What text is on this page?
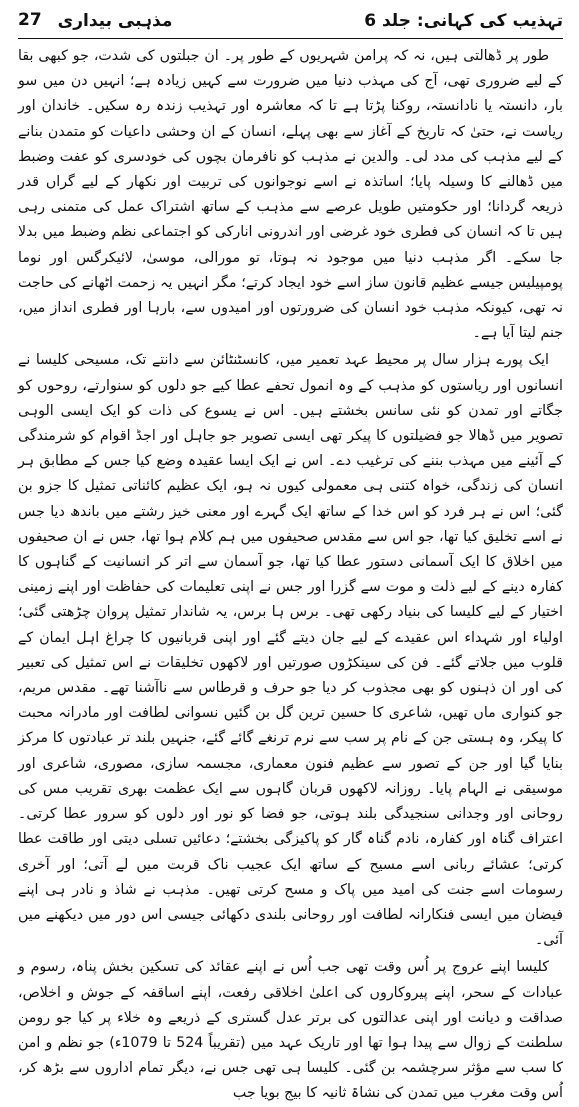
27 مذہبی بیداری	تہذیب کی کہانی: جلد 6

طور پر ڈھالتی ہیں، نہ کہ پرامن شہریوں کے طور پر۔ ان جبلتوں کی شدت، جو کبھی بقا کے لیے ضروری تھی، آج کی مہذب دنیا میں ضرورت سے کہیں زیادہ ہے؛ انہیں دن میں سو بار، دانستہ یا نادانستہ، روکنا پڑتا ہے تا کہ معاشرہ اور تہذیب زندہ رہ سکیں۔ خاندان اور ریاست نے، حتیٰ کہ تاریخ کے آغاز سے بھی پہلے، انسان کے ان وحشی داعیات کو متمدن بنانے کے لیے مذہب کی مدد لی۔ والدین نے مذہب کو نافرمان بچوں کی خودسری کو عفت وضبط میں ڈھالنے کا وسیلہ پایا؛ اساتذہ نے اسے نوجوانوں کی تربیت اور نکھار کے لیے گراں قدر ذریعہ گردانا؛ اور حکومتیں طویل عرصے سے مذہب کے ساتھ اشتراک عمل کی متمنی رہی ہیں تا کہ انسان کی فطری خود غرضی اور اندرونی انارکی کو اجتماعی نظم وضبط میں بدلا جا سکے۔ اگر مذہب دنیا میں موجود نہ ہوتا، تو مورالی، موسیٰ، لائیکرگس اور نوما پومپیلیس جیسے عظیم قانون ساز اسے خود ایجاد کرتے؛ مگر انہیں یہ زحمت اٹھانے کی حاجت نہ تھی، کیونکہ مذہب خود انسان کی ضرورتوں اور امیدوں سے، بارہا اور فطری انداز میں، جنم لیتا آیا ہے۔

ایک پورے ہزار سال پر محیط عہد تعمیر میں، کانسٹنٹائن سے دانتے تک، مسیحی کلیسا نے انسانوں اور ریاستوں کو مذہب کے وہ انمول تحفے عطا کیے جو دلوں کو سنوارتے، روحوں کو جگاتے اور تمدن کو نئی سانس بخشتے ہیں۔ اس نے یسوع کی ذات کو ایک ایسی الوہی تصویر میں ڈھالا جو فضیلتوں کا پیکر تھی ایسی تصویر جو جاہل اور اجڈ اقوام کو شرمندگی کے آئینے میں مہذب بننے کی ترغیب دے۔ اس نے ایک ایسا عقیدہ وضع کیا جس کے مطابق ہر انسان کی زندگی، خواہ کتنی ہی معمولی کیوں نہ ہو، ایک عظیم کائناتی تمثیل کا جزو بن گئی؛ اس نے ہر فرد کو اس خدا کے ساتھ ایک گہرے اور معنی خیز رشتے میں باندھ دیا جس نے اسے تخلیق کیا تھا، جو اس سے مقدس صحیفوں میں ہم کلام ہوا تھا، جس نے ان صحیفوں میں اخلاق کا ایک آسمانی دستور عطا کیا تھا، جو آسمان سے اتر کر انسانیت کے گناہوں کا کفارہ دینے کے لیے ذلت و موت سے گزرا اور جس نے اپنی تعلیمات کی حفاظت اور اپنے زمینی اختیار کے لیے کلیسا کی بنیاد رکھی تھی۔ برس ہا برس، یہ شاندار تمثیل پروان چڑھتی گئی؛ اولیاء اور شہداء اس عقیدے کے لیے جان دیتے گئے اور اپنی قربانیوں کا چراغ اہل ایمان کے قلوب میں جلاتے گئے۔ فن کی سینکڑوں صورتیں اور لاکھوں تخلیقات نے اس تمثیل کی تعبیر کی اور ان ذہنوں کو بھی مجذوب کر دیا جو حرف و قرطاس سے ناآشنا تھے۔ مقدس مریم، جو کنواری ماں تھیں، شاعری کا حسین ترین گل بن گئیں نسوانی لطافت اور مادرانہ محبت کا پیکر، وہ ہستی جن کے نام پر سب سے نرم ترنغے گائے گئے، جنہیں بلند تر عبادتوں کا مرکز بنایا گیا اور جن کے تصور سے عظیم فنون معماری، مجسمہ سازی، مصوری، شاعری اور موسیقی نے الہام پایا۔ روزانہ لاکھوں قربان گاہوں سے ایک عظمت بھری تقریب مس کی روحانی اور وجدانی سنجیدگی بلند ہوتی، جو فضا کو نور اور دلوں کو سرور عطا کرتی۔ اعتراف گناہ اور کفارہ، نادم گناہ گار کو پاکیزگی بخشتے؛ دعائیں تسلی دیتی اور طاقت عطا کرتی؛ عشائے ربانی اسے مسیح کے ساتھ ایک عجیب ناک قربت میں لے آتی؛ اور آخری رسومات اسے جنت کی امید میں پاک و مسح کرتی تھیں۔ مذہب نے شاذ و نادر ہی اپنے فیضان میں ایسی فنکارانہ لطافت اور روحانی بلندی دکھائی جیسی اس دور میں دیکھنے میں آئی۔

کلیسا اپنے عروج پر اُس وقت تھی جب اُس نے اپنے عقائد کی تسکین بخش پناہ، رسوم و عبادات کے سحر، اپنے پیروکاروں کی اعلیٰ اخلاقی رفعت، اپنے اساقفہ کے جوش و اخلاص، صداقت و دیانت اور اپنی عدالتوں کی برتر عدل گستری کے ذریعے وہ خلاء پر کیا جو رومن سلطنت کے زوال سے پیدا ہوا تھا اور تاریک عہد میں (تقریباً 524 تا 1079ء) جو نظم و امن کا سب سے مؤثر سرچشمہ بن گئی۔ کلیسا ہی تھی جس نے، دیگر تمام اداروں سے بڑھ کر، اُس وقت مغرب میں تمدن کی نشاۃ ثانیہ کا بیج بویا جب
